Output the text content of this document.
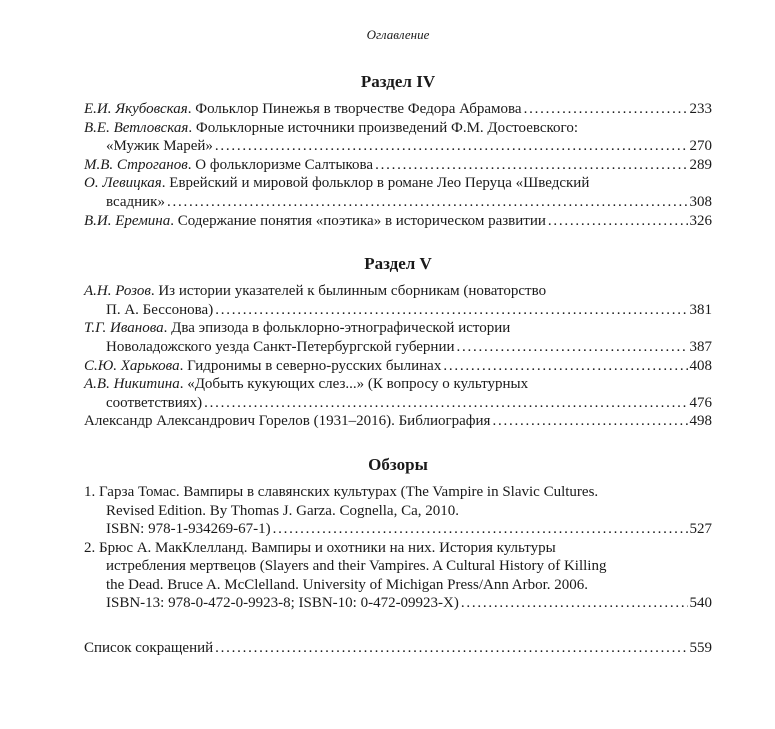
Оглавление
Раздел IV
Е.И. Якубовская. Фольклор Пинежья в творчестве Федора Абрамова . . .	233
В.Е. Ветловская. Фольклорные источники произведений Ф.М. Достоевского:
«Мужик Марей» . . .	270
М.В. Строганов. О фольклоризме Салтыкова . . .	289
О. Левицкая. Еврейский и мировой фольклор в романе Лео Перуца «Шведский
всадник» . . .	308
В.И. Еремина. Содержание понятия «поэтика» в историческом развитии . . .	326
Раздел V
А.Н. Розов. Из истории указателей к былинным сборникам (новаторство
П. А. Бессонова) . . .	381
Т.Г. Иванова. Два эпизода в фольклорно-этнографической истории
Новоладожского уезда Санкт-Петербургской губернии . . .	387
С.Ю. Харькова. Гидронимы в северно-русских былинах . . .	408
А.В. Никитина. «Добыть кукующих слез...» (К вопросу о культурных
соответствиях) . . .	476
Александр Александрович Горелов (1931–2016). Библиография . . .	498
Обзоры
1. Гарза Томас. Вампиры в славянских культурах (The Vampire in Slavic Cultures.
Revised Edition. By Thomas J. Garza. Cognella, Ca, 2010.
ISBN: 978-1-934269-67-1) . . .	527
2. Брюс А. МакКлелланд. Вампиры и охотники на них. История культуры
истребления мертвецов (Slayers and their Vampires. A Cultural History of Killing
the Dead. Bruce A. McClelland. University of Michigan Press/Ann Arbor. 2006.
ISBN-13: 978-0-472-0-9923-8; ISBN-10: 0-472-09923-X) . . .	540
Список сокращений . . .	559
